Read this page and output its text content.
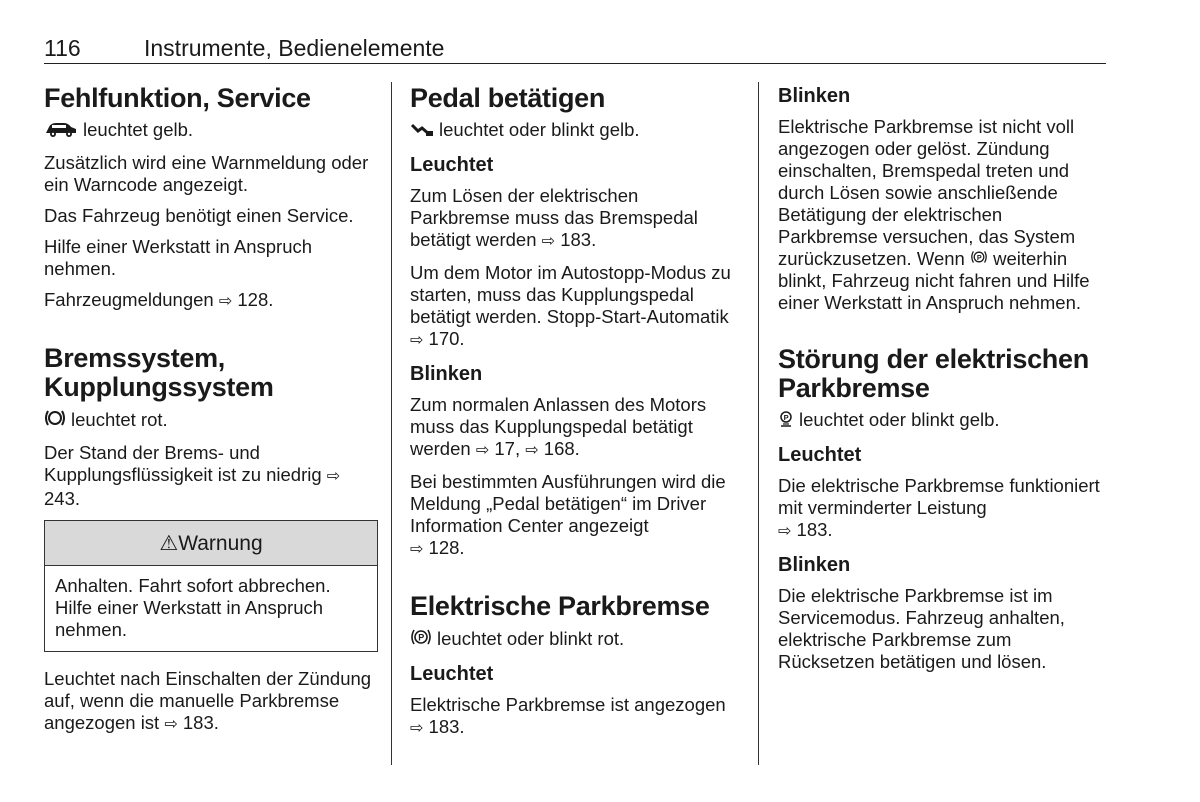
116	Instrumente, Bedienelemente
Fehlfunktion, Service

leuchtet gelb.

Zusätzlich wird eine Warnmeldung oder ein Warncode angezeigt.

Das Fahrzeug benötigt einen Service.

Hilfe einer Werkstatt in Anspruch nehmen.

Fahrzeugmeldungen ⇨ 128.

Bremssystem, Kupplungssystem

leuchtet rot.

Der Stand der Brems- und Kupplungsflüssigkeit ist zu niedrig ⇨ 243.

⚠Warnung

Anhalten. Fahrt sofort abbrechen. Hilfe einer Werkstatt in Anspruch nehmen.

Leuchtet nach Einschalten der Zündung auf, wenn die manuelle Parkbremse angezogen ist ⇨ 183.

Pedal betätigen

leuchtet oder blinkt gelb.

Leuchtet

Zum Lösen der elektrischen Parkbremse muss das Bremspedal betätigt werden ⇨ 183.

Um dem Motor im Autostopp-Modus zu starten, muss das Kupplungspedal betätigt werden. Stopp-Start-Automatik ⇨ 170.

Blinken

Zum normalen Anlassen des Motors muss das Kupplungspedal betätigt werden ⇨ 17, ⇨ 168.

Bei bestimmten Ausführungen wird die Meldung „Pedal betätigen“ im Driver Information Center angezeigt
⇨ 128.

Elektrische Parkbremse

P leuchtet oder blinkt rot.

Leuchtet

Elektrische Parkbremse ist angezogen ⇨ 183.

Blinken

Elektrische Parkbremse ist nicht voll angezogen oder gelöst. Zündung einschalten, Bremspedal treten und durch Lösen sowie anschließende Betätigung der elektrischen Parkbremse versuchen, das System zurückzusetzen. Wenn P weiterhin blinkt, Fahrzeug nicht fahren und Hilfe einer Werkstatt in Anspruch nehmen.

Störung der elektrischen Parkbremse

P leuchtet oder blinkt gelb.

Leuchtet

Die elektrische Parkbremse funktioniert mit verminderter Leistung
⇨ 183.

Blinken

Die elektrische Parkbremse ist im Servicemodus. Fahrzeug anhalten, elektrische Parkbremse zum Rücksetzen betätigen und lösen.
